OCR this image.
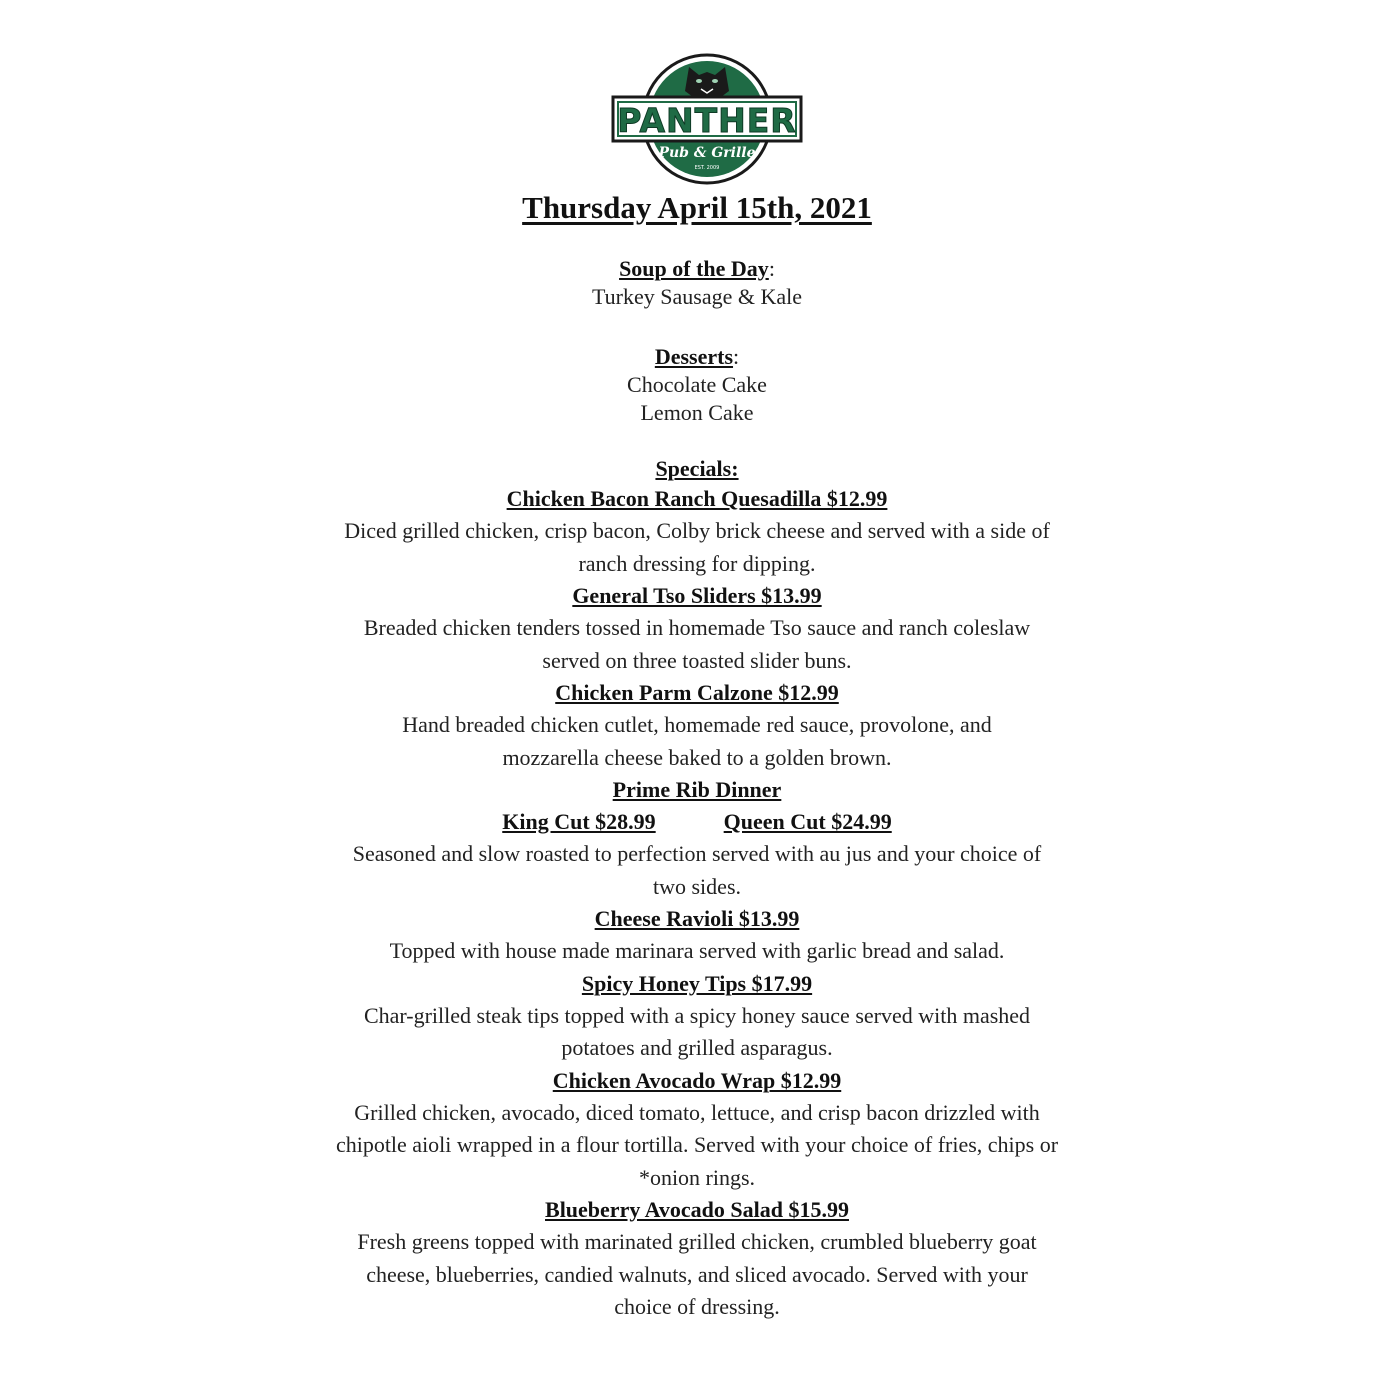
PANTHER
Pub & Grille
EST. 2009
Thursday April 15th, 2021
Soup of the Day:
Turkey Sausage & Kale
Desserts:
Chocolate Cake
Lemon Cake
Specials:
Chicken Bacon Ranch Quesadilla $12.99
Diced grilled chicken, crisp bacon, Colby brick cheese and served with a side of ranch dressing for dipping.
General Tso Sliders $13.99
Breaded chicken tenders tossed in homemade Tso sauce and ranch coleslaw served on three toasted slider buns.
Chicken Parm Calzone $12.99
Hand breaded chicken cutlet, homemade red sauce, provolone, and mozzarella cheese baked to a golden brown.
Prime Rib Dinner
King Cut $28.99	Queen Cut $24.99
Seasoned and slow roasted to perfection served with au jus and your choice of two sides.
Cheese Ravioli $13.99
Topped with house made marinara served with garlic bread and salad.
Spicy Honey Tips $17.99
Char-grilled steak tips topped with a spicy honey sauce served with mashed potatoes and grilled asparagus.
Chicken Avocado Wrap $12.99
Grilled chicken, avocado, diced tomato, lettuce, and crisp bacon drizzled with chipotle aioli wrapped in a flour tortilla. Served with your choice of fries, chips or *onion rings.
Blueberry Avocado Salad $15.99
Fresh greens topped with marinated grilled chicken, crumbled blueberry goat cheese, blueberries, candied walnuts, and sliced avocado. Served with your choice of dressing.
